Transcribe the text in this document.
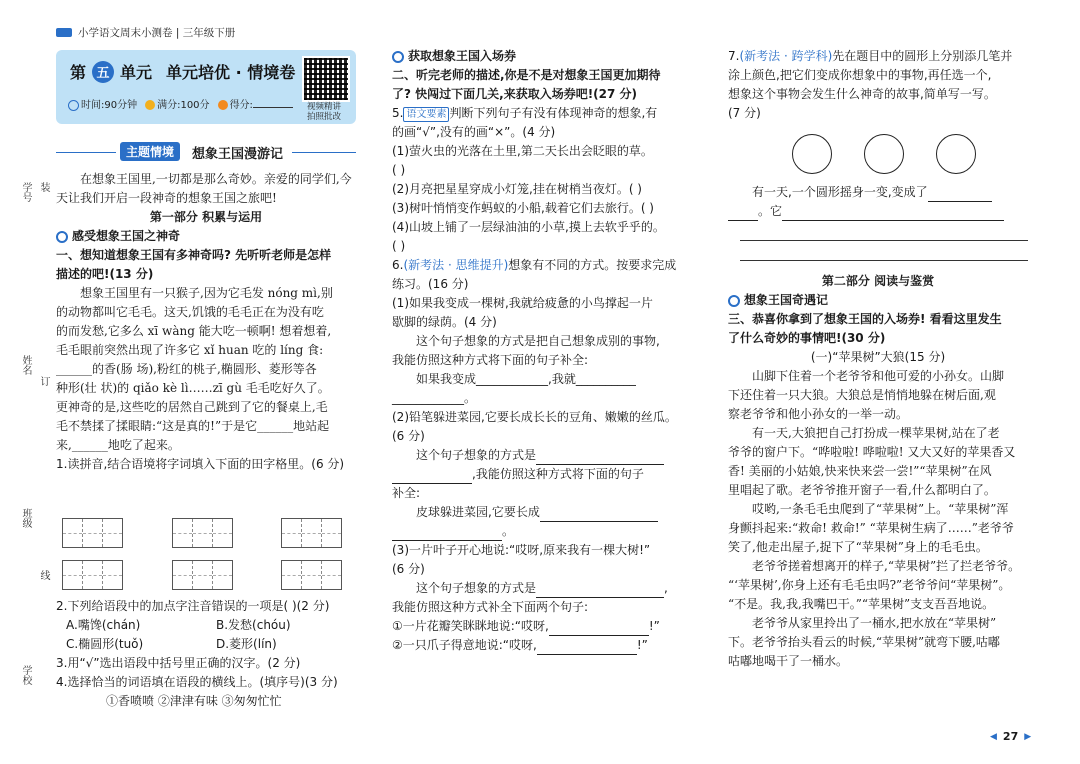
小学语文周末小测卷 | 三年级下册
学号 装
姓名
订
班级
线
学校
第 五 单元 单元培优 · 情境卷
时间:90分钟	满分:100分	得分:	视频精讲
拍照批改
主题情境	想象王国漫游记
在想象王国里,一切都是那么奇妙。亲爱的同学们,今
天让我们开启一段神奇的想象王国之旅吧!
第一部分 积累与运用
感受想象王国之神奇
一、想知道想象王国有多神奇吗? 先听听老师是怎样
描述的吧!(13 分)
想象王国里有一只猴子,因为它毛发 nóng mì,别
的动物都叫它毛毛。这天,饥饿的毛毛正在为没有吃
的而发愁,它多么 xī wàng 能大吃一顿啊! 想着想着,
毛毛眼前突然出现了许多它 xǐ huan 吃的 líng 食:
______的香(肠 场),粉红的桃子,椭圆形、菱形等各
种形(壮 状)的 qiǎo kè lì……zī gù 毛毛吃好久了。
更神奇的是,这些吃的居然自己跳到了它的餐桌上,毛
毛不禁揉了揉眼睛:“这是真的!”于是它______地站起
来,______地吃了起来。
1.读拼音,结合语境将字词填入下面的田字格里。(6 分)
2.下列给语段中的加点字注音错误的一项是( )(2 分)
A.嘴馋(chán)	B.发愁(chóu)
C.椭圆形(tuǒ)	D.菱形(lín)
3.用“√”选出语段中括号里正确的汉字。(2 分)
4.选择恰当的词语填在语段的横线上。(填序号)(3 分)
①香喷喷 ②津津有味 ③匆匆忙忙
获取想象王国入场券
二、听完老师的描述,你是不是对想象王国更加期待
了? 快闯过下面几关,来获取入场券吧!(27 分)
5. 语文要素 判断下列句子有没有体现神奇的想象,有
的画“√”,没有的画“×”。(4 分)
(1)萤火虫的光落在土里,第二天长出会眨眼的草。
( )
(2)月亮把星星穿成小灯笼,挂在树梢当夜灯。( )
(3)树叶悄悄变作蚂蚁的小船,载着它们去旅行。( )
(4)山坡上铺了一层绿油油的小草,摸上去软乎乎的。
( )
6.(新考法 · 思维提升)想象有不同的方式。按要求完成
练习。(16 分)
(1)如果我变成一棵树,我就给疲惫的小鸟撑起一片
歇脚的绿荫。(4 分)
这个句子想象的方式是把自己想象成别的事物,
我能仿照这种方式将下面的句子补全:
如果我变成____________,我就__________
____________。
(2)铅笔躲进菜园,它要长成长长的豆角、嫩嫩的丝瓜。
(6 分)
这个句子想象的方式是
,我能仿照这种方式将下面的句子
补全:
皮球躲进菜园,它要长成
。
(3)一片叶子开心地说:“哎呀,原来我有一棵大树!”
(6 分)
这个句子想象的方式是	,
我能仿照这种方式补全下面两个句子:
①一片花瓣笑眯眯地说:“哎呀,	!”
②一只爪子得意地说:“哎呀,	!”
7.(新考法 · 跨学科)先在题目中的圆形上分别添几笔并
涂上颜色,把它们变成你想象中的事物,再任选一个,
想象这个事物会发生什么神奇的故事,简单写一写。
(7 分)
有一天,一个圆形摇身一变,变成了
。它
第二部分 阅读与鉴赏
想象王国奇遇记
三、恭喜你拿到了想象王国的入场券! 看看这里发生
了什么奇妙的事情吧!(30 分)
(一)“苹果树”大狼(15 分)
山脚下住着一个老爷爷和他可爱的小孙女。山脚
下还住着一只大狼。大狼总是悄悄地躲在树后面,观
察老爷爷和他小孙女的一举一动。
有一天,大狼把自己打扮成一棵苹果树,站在了老
爷爷的窗户下。“哗啦啦! 哗啦啦! 又大又好的苹果香又
香! 美丽的小姑娘,快来快来尝一尝!”“苹果树”在风
里唱起了歌。老爷爷推开窗子一看,什么都明白了。
哎哟,一条毛毛虫爬到了“苹果树”上。“苹果树”浑
身颤抖起来:“救命! 救命!” “苹果树生病了……”老爷爷
笑了,他走出屋子,捉下了“苹果树”身上的毛毛虫。
老爷爷搓着想离开的样子,“苹果树”拦了拦老爷爷。
“‘苹果树’,你身上还有毛毛虫吗?”老爷爷问“苹果树”。
“不是。我,我,我嘴巴干。”“苹果树”支支吾吾地说。
老爷爷从家里拎出了一桶水,把水放在“苹果树”
下。老爷爷抬头看云的时候,“苹果树”就弯下腰,咕嘟
咕嘟地喝干了一桶水。
◀ 27 ▶
